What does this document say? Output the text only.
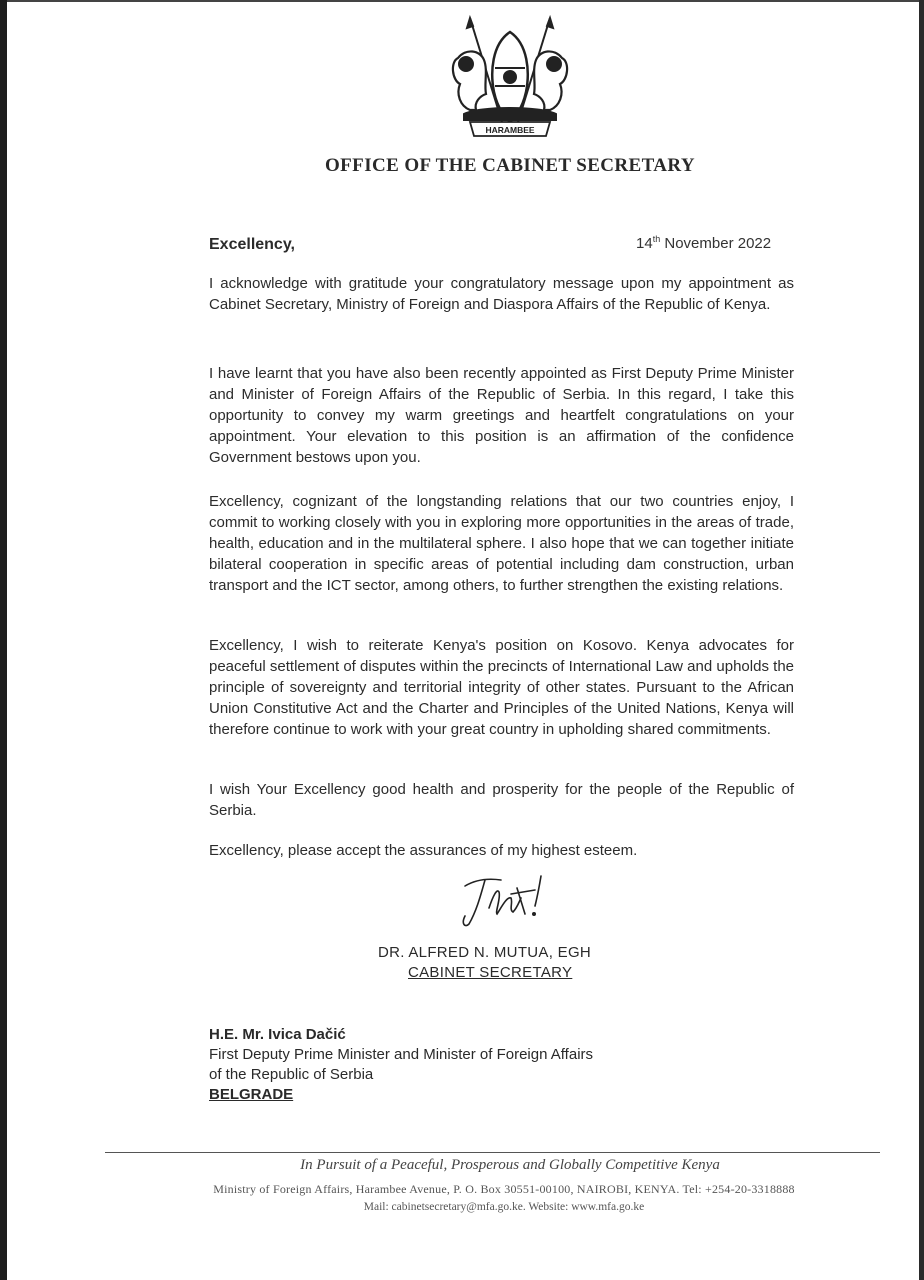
HARAMBEE
OFFICE OF THE CABINET SECRETARY
Excellency,	14th November 2022
I acknowledge with gratitude your congratulatory message upon my appointment as Cabinet Secretary, Ministry of Foreign and Diaspora Affairs of the Republic of Kenya.
I have learnt that you have also been recently appointed as First Deputy Prime Minister and Minister of Foreign Affairs of the Republic of Serbia. In this regard, I take this opportunity to convey my warm greetings and heartfelt congratulations on your appointment. Your elevation to this position is an affirmation of the confidence Government bestows upon you.
Excellency, cognizant of the longstanding relations that our two countries enjoy, I commit to working closely with you in exploring more opportunities in the areas of trade, health, education and in the multilateral sphere. I also hope that we can together initiate bilateral cooperation in specific areas of potential including dam construction, urban transport and the ICT sector, among others, to further strengthen the existing relations.
Excellency, I wish to reiterate Kenya's position on Kosovo. Kenya advocates for peaceful settlement of disputes within the precincts of International Law and upholds the principle of sovereignty and territorial integrity of other states. Pursuant to the African Union Constitutive Act and the Charter and Principles of the United Nations, Kenya will therefore continue to work with your great country in upholding shared commitments.
I wish Your Excellency good health and prosperity for the people of the Republic of Serbia.
Excellency, please accept the assurances of my highest esteem.
DR. ALFRED N. MUTUA, EGH
CABINET SECRETARY
H.E. Mr. Ivica Dačić
First Deputy Prime Minister and Minister of Foreign Affairs
of the Republic of Serbia
BELGRADE
In Pursuit of a Peaceful, Prosperous and Globally Competitive Kenya
Ministry of Foreign Affairs, Harambee Avenue, P. O. Box 30551-00100, NAIROBI, KENYA. Tel: +254-20-3318888
Mail: cabinetsecretary@mfa.go.ke. Website: www.mfa.go.ke
